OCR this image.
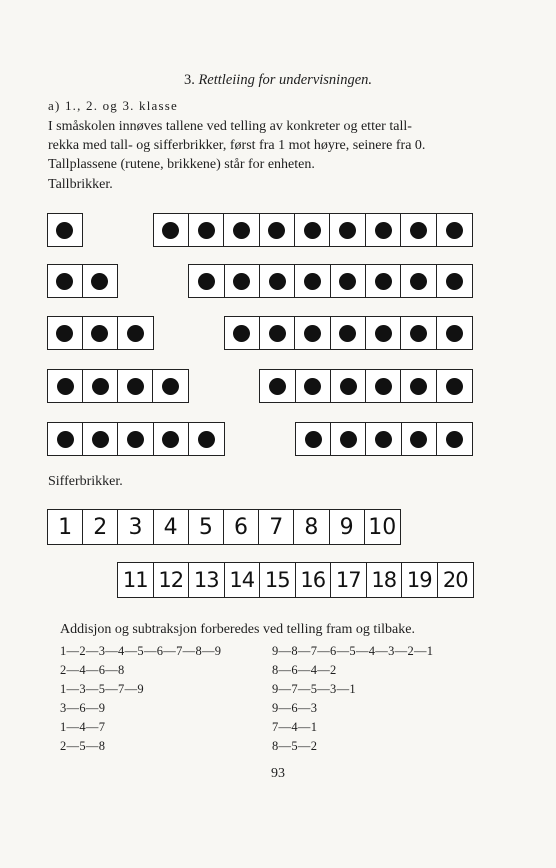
3. Rettleiing for undervisningen.
a) 1., 2. og 3. klasse

I småskolen innøves tallene ved telling av konkreter og etter tall-

rekka med tall- og sifferbrikker, først fra 1 mot høyre, seinere fra 0.

Tallplassene (rutene, brikkene) står for enheten.

Tallbrikker.
Sifferbrikker.
1 2 3 4 5 6 7 8 9 10
11 12 13 14 15 16 17 18 19 20
Addisjon og subtraksjon forberedes ved telling fram og tilbake.
1—2—3—4—5—6—7—8—9
2—4—6—8
1—3—5—7—9
3—6—9
1—4—7
2—5—8
9—8—7—6—5—4—3—2—1
8—6—4—2
9—7—5—3—1
9—6—3
7—4—1
8—5—2
93
